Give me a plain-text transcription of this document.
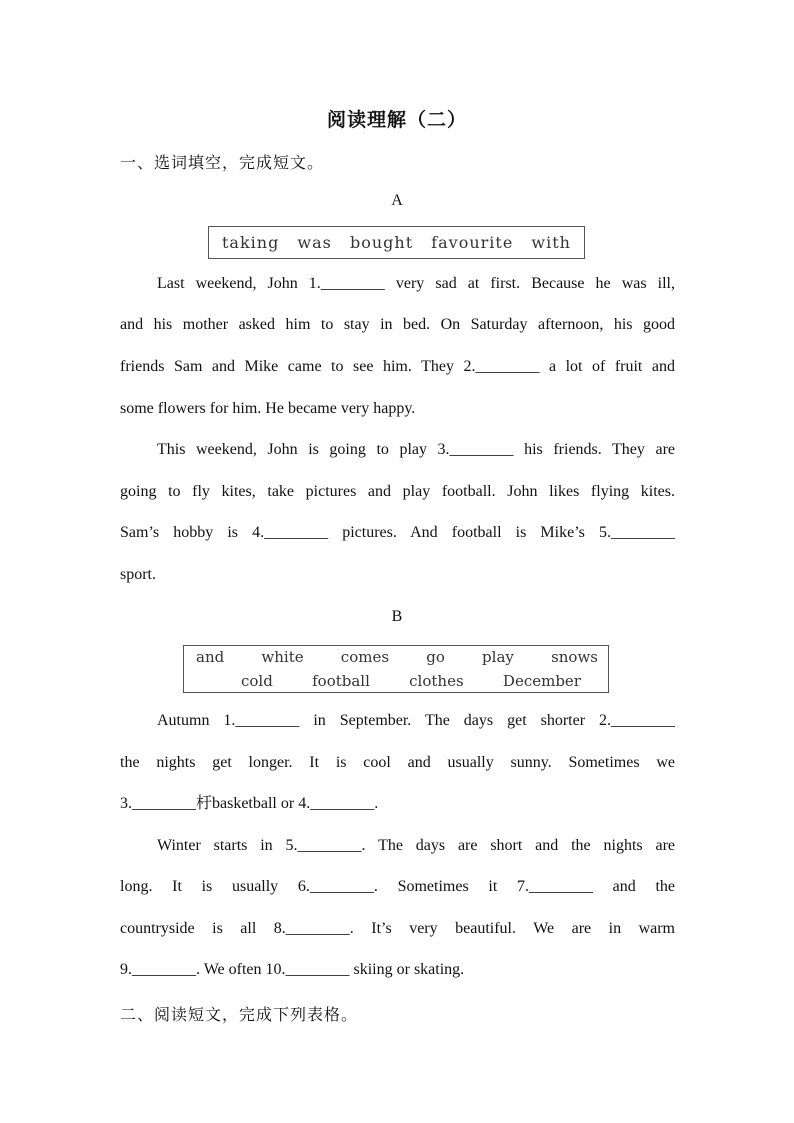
阅读理解（二）
一、选词填空，完成短文。
A
taking was bought favourite with
Last weekend, John 1.________ very sad at first. Because he was ill,
and his mother asked him to stay in bed. On Saturday afternoon, his good
friends Sam and Mike came to see him. They 2.________ a lot of fruit and
some flowers for him. He became very happy.
This weekend, John is going to play 3.________ his friends. They are
going to fly kites, take pictures and play football. John likes flying kites.
Sam’s hobby is 4.________ pictures. And football is Mike’s 5.________
sport.
B
and white comes go play snows
cold	football	clothes	December
Autumn 1.________ in September. The days get shorter 2.________
the nights get longer. It is cool and usually sunny. Sometimes we
3.________杅basketball or 4.________.
Winter starts in 5.________. The days are short and the nights are
long. It is usually 6.________. Sometimes it 7.________ and the
countryside is all 8.________. It’s very beautiful. We are in warm
9.________. We often 10.________ skiing or skating.
二、阅读短文，完成下列表格。
